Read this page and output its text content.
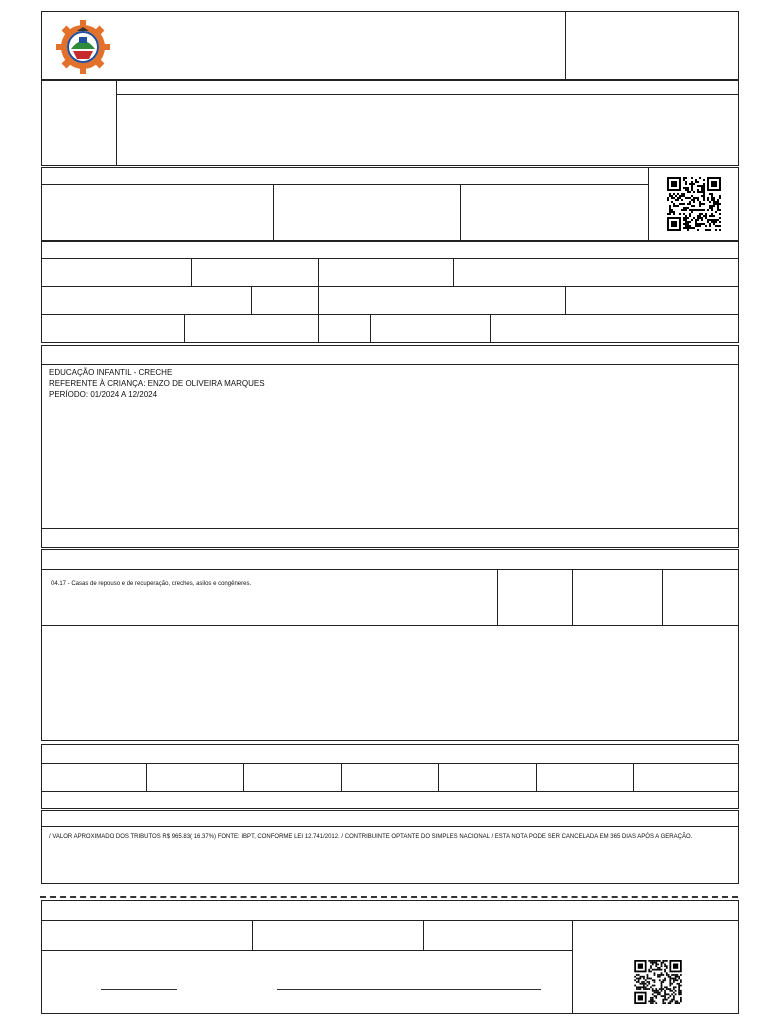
EDUCAÇÃO INFANTIL - CRECHE
REFERENTE À CRIANÇA: ENZO DE OLIVEIRA MARQUES
PERÍODO: 01/2024 A 12/2024
04.17 - Casas de repouso e de recuperação, creches, asilos e congêneres.
/ VALOR APROXIMADO DOS TRIBUTOS R$ 965.83( 16.37%) FONTE: IBPT, CONFORME LEI 12.741/2012. / CONTRIBUINTE OPTANTE DO SIMPLES NACIONAL / ESTA NOTA PODE SER CANCELADA EM 365 DIAS APÓS A GERAÇÃO.
